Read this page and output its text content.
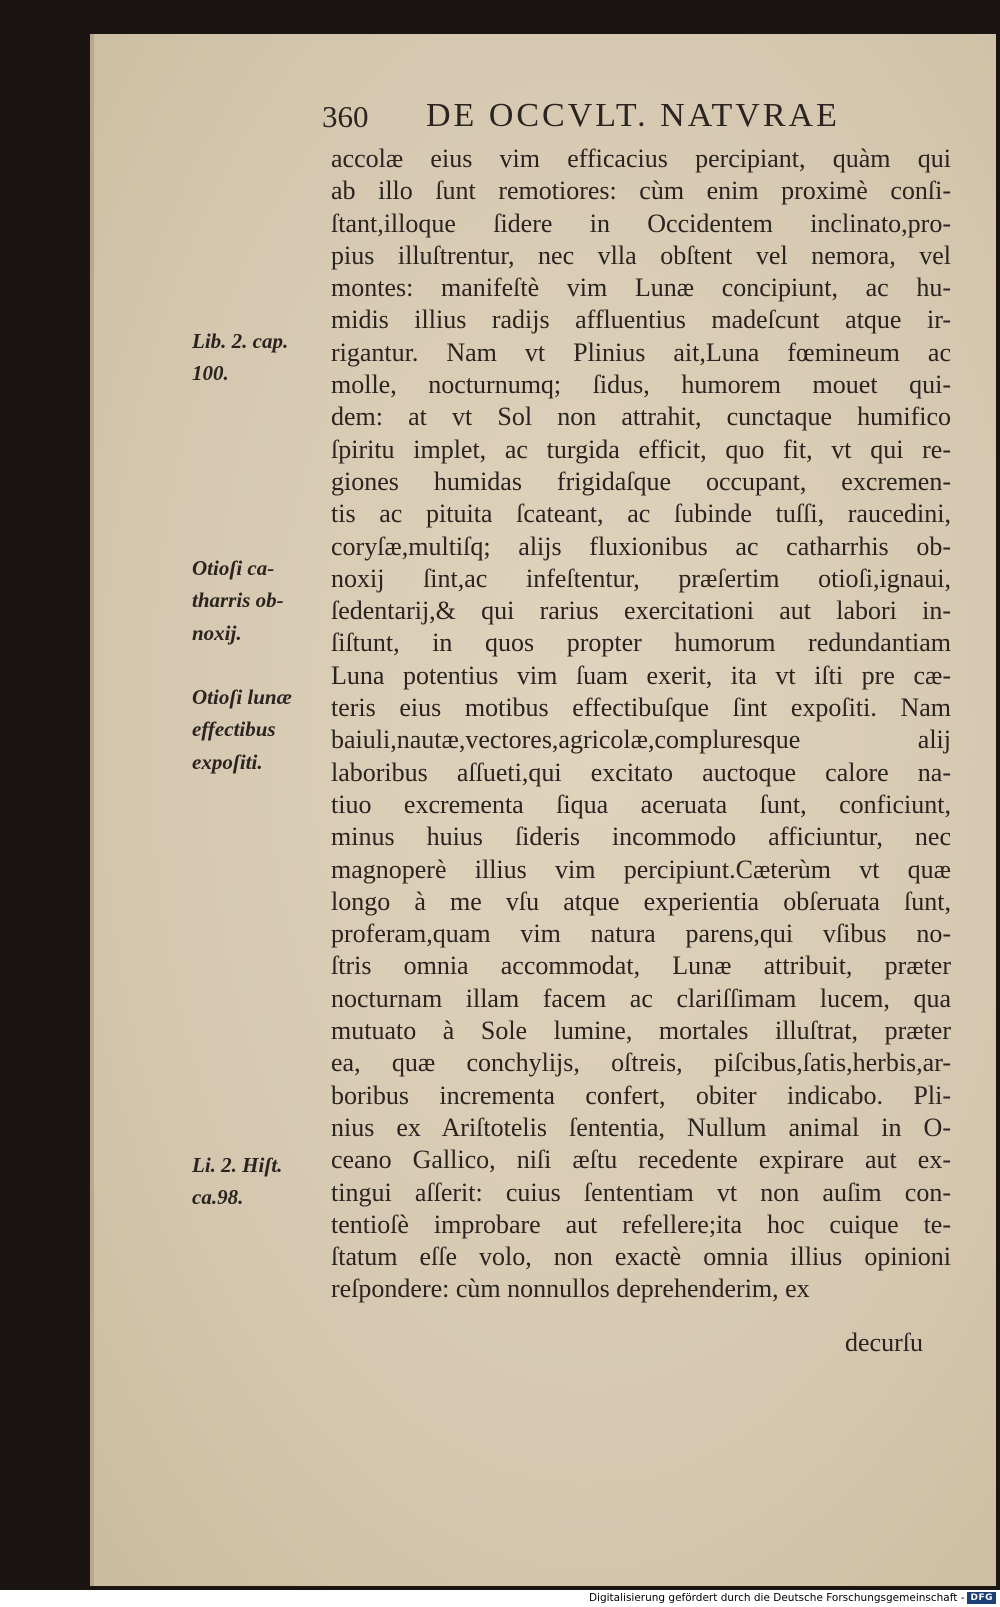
360 DE OCCVLT. NATVRAE
accolæ eius vim efficacius percipiant, quàm qui
ab illo ſunt remotiores: cùm enim proximè conſi-
ſtant,illoque ſidere in Occidentem inclinato,pro-
pius illuſtrentur, nec vlla obſtent vel nemora, vel
montes: manifeſtè vim Lunæ concipiunt, ac hu-
midis illius radijs affluentius madeſcunt atque ir-
rigantur. Nam vt Plinius ait,Luna fœmineum ac
molle, nocturnumq; ſidus, humorem mouet qui-
dem: at vt Sol non attrahit, cunctaque humifico
ſpiritu implet, ac turgida efficit, quo fit, vt qui re-
giones humidas frigidaſque occupant, excremen-
tis ac pituita ſcateant, ac ſubinde tuſſi, raucedini,
coryſæ,multiſq; alijs fluxionibus ac catharrhis ob-
noxij ſint,ac infeſtentur, præſertim otioſi,ignaui,
ſedentarij,& qui rarius exercitationi aut labori in-
ſiſtunt, in quos propter humorum redundantiam
Luna potentius vim ſuam exerit, ita vt iſti pre cæ-
teris eius motibus effectibuſque ſint expoſiti. Nam
baiuli,nautæ,vectores,agricolæ,compluresque alij
laboribus aſſueti,qui excitato auctoque calore na-
tiuo excrementa ſiqua aceruata ſunt, conficiunt,
minus huius ſideris incommodo afficiuntur, nec
magnoperè illius vim percipiunt.Cæterùm vt quæ
longo à me vſu atque experientia obſeruata ſunt,
proferam,quam vim natura parens,qui vſibus no-
ſtris omnia accommodat, Lunæ attribuit, præter
nocturnam illam facem ac clariſſimam lucem, qua
mutuato à Sole lumine, mortales illuſtrat, præter
ea, quæ conchylijs, oſtreis, piſcibus,ſatis,herbis,ar-
boribus incrementa confert, obiter indicabo. Pli-
nius ex Ariſtotelis ſententia, Nullum animal in O-
ceano Gallico, niſi æſtu recedente expirare aut ex-
tingui aſſerit: cuius ſententiam vt non auſim con-
tentioſè improbare aut refellere;ita hoc cuique te-
ſtatum eſſe volo, non exactè omnia illius opinioni
reſpondere: cùm nonnullos deprehenderim, ex
decurſu
Lib. 2. cap.
100.
Otioſi ca-
tharris ob-
noxij.
Otioſi lunæ
effectibus
expoſiti.
Li. 2. Hiſt.
ca.98.
Digitalisierung gefördert durch die Deutsche Forschungsgemeinschaft - DFG
